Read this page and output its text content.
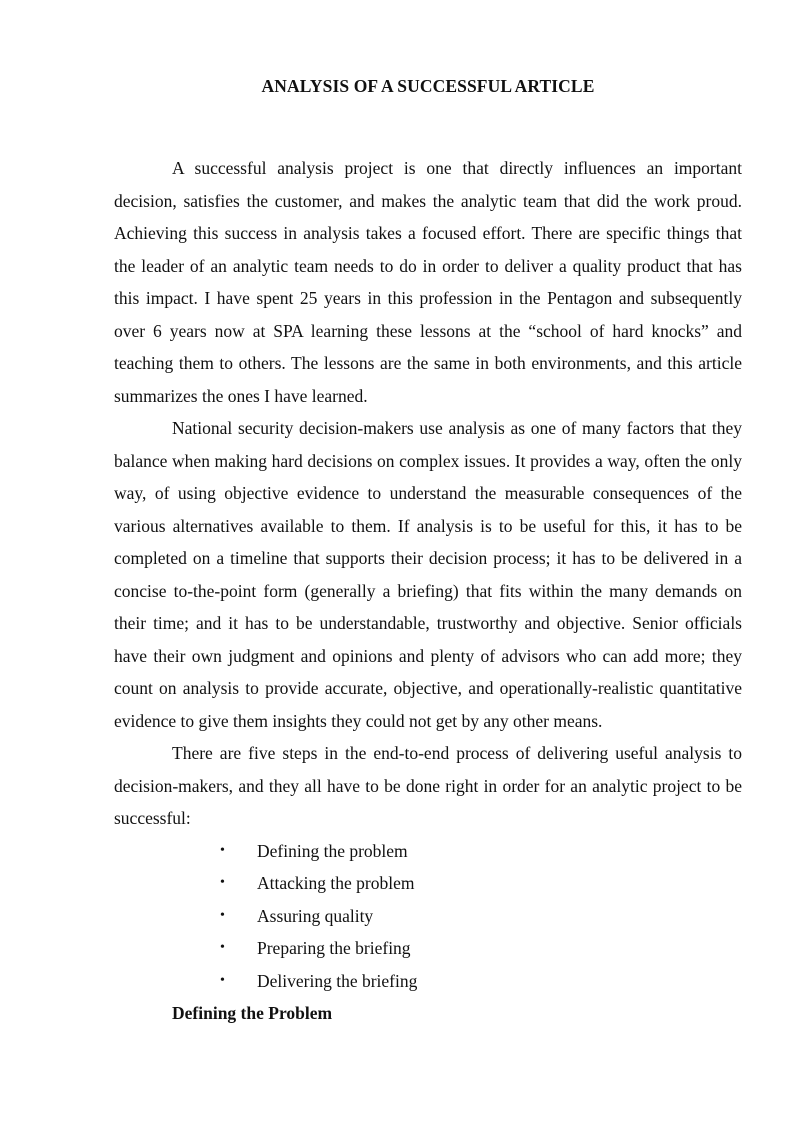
ANALYSIS OF A SUCCESSFUL ARTICLE

A successful analysis project is one that directly influences an important decision, satisfies the customer, and makes the analytic team that did the work proud. Achieving this success in analysis takes a focused effort. There are specific things that the leader of an analytic team needs to do in order to deliver a quality product that has this impact. I have spent 25 years in this profession in the Pentagon and subsequently over 6 years now at SPA learning these lessons at the “school of hard knocks” and teaching them to others. The lessons are the same in both environments, and this article summarizes the ones I have learned.

National security decision-makers use analysis as one of many factors that they balance when making hard decisions on complex issues. It provides a way, often the only way, of using objective evidence to understand the measurable consequences of the various alternatives available to them. If analysis is to be useful for this, it has to be completed on a timeline that supports their decision process; it has to be delivered in a concise to-the-point form (generally a briefing) that fits within the many demands on their time; and it has to be understandable, trustworthy and objective. Senior officials have their own judgment and opinions and plenty of advisors who can add more; they count on analysis to provide accurate, objective, and operationally-realistic quantitative evidence to give them insights they could not get by any other means.

There are five steps in the end-to-end process of delivering useful analysis to decision-makers, and they all have to be done right in order for an analytic project to be successful:

• Defining the problem
• Attacking the problem
• Assuring quality
• Preparing the briefing
• Delivering the briefing
Defining the Problem
